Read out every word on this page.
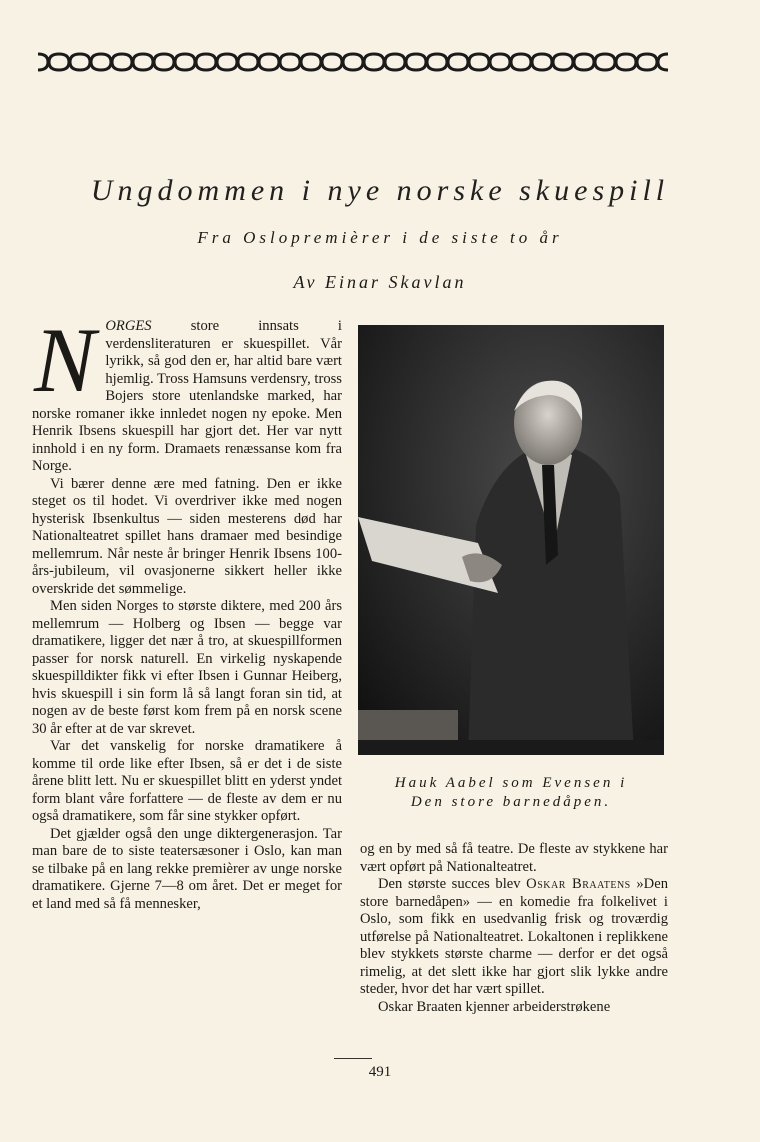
Ungdommen i nye norske skuespill
Fra Oslopremièrer i de siste to år
Av Einar Skavlan

N ORGES store innsats i verdensliteraturen er skuespillet. Vår lyrikk, så god den er, har altid bare vært hjemlig. Tross Hamsuns verdensry, tross Bojers store utenlandske marked, har norske romaner ikke innledet nogen ny epoke. Men Henrik Ibsens skuespill har gjort det. Her var nytt innhold i en ny form. Dramaets renæssanse kom fra Norge.

Vi bærer denne ære med fatning. Den er ikke steget os til hodet. Vi overdriver ikke med nogen hysterisk Ibsenkultus — siden mesterens død har Nationalteatret spillet hans dramaer med besindige mellemrum. Når neste år bringer Henrik Ibsens 100-års-jubileum, vil ovasjonerne sikkert heller ikke overskride det sømmelige.

Men siden Norges to største diktere, med 200 års mellemrum — Holberg og Ibsen — begge var dramatikere, ligger det nær å tro, at skuespillformen passer for norsk naturell. En virkelig nyskapende skuespilldikter fikk vi efter Ibsen i Gunnar Heiberg, hvis skuespill i sin form lå så langt foran sin tid, at nogen av de beste først kom frem på en norsk scene 30 år efter at de var skrevet.

Var det vanskelig for norske dramatikere å komme til orde like efter Ibsen, så er det i de siste årene blitt lett. Nu er skuespillet blitt en yderst yndet form blant våre forfattere — de fleste av dem er nu også dramatikere, som får sine stykker opført.

Det gjælder også den unge diktergenerasjon. Tar man bare de to siste teatersæsoner i Oslo, kan man se tilbake på en lang rekke premièrer av unge norske dramatikere. Gjerne 7—8 om året. Det er meget for et land med så få mennesker,

Hauk Aabel som Evensen i
Den store barnedåpen.

og en by med så få teatre. De fleste av stykkene har vært opført på Nationalteatret.

Den største succes blev Oskar Braatens »Den store barnedåpen» — en komedie fra folkelivet i Oslo, som fikk en usedvanlig frisk og troværdig utførelse på Nationalteatret. Lokaltonen i replikkene blev stykkets største charme — derfor er det også rimelig, at det slett ikke har gjort slik lykke andre steder, hvor det har vært spillet.

Oskar Braaten kjenner arbeiderstrøkene

491
